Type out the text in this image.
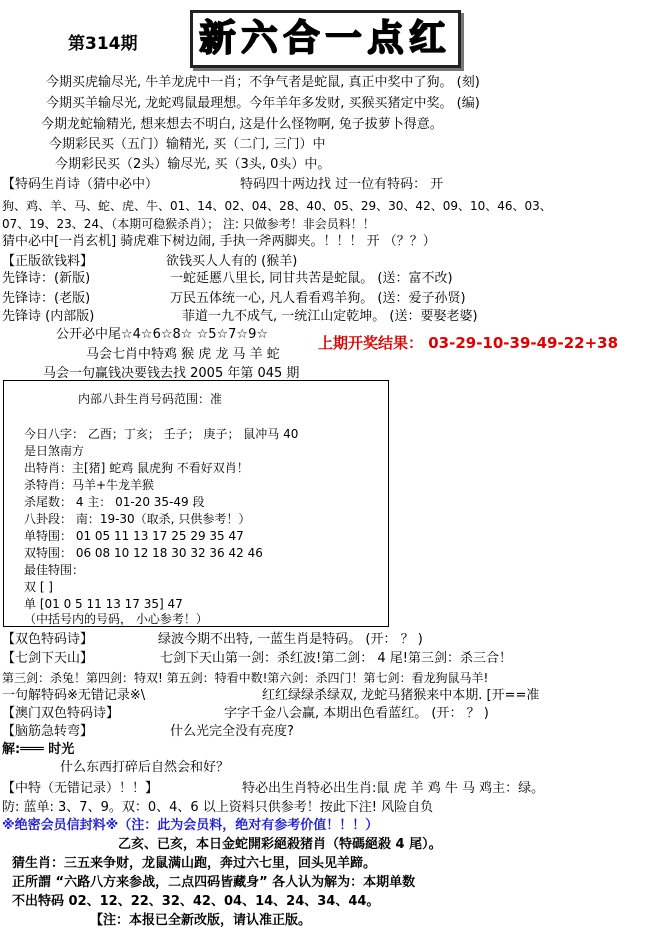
第314期 新六合一点红
今期买虎输尽光, 牛羊龙虎中一肖；不争气者是蛇鼠, 真正中奖中了狗。 (刻)
今期买羊输尽光, 龙蛇鸡鼠最理想。今年羊年多发财, 买猴买猪定中奖。 (编)
今期龙蛇输精光, 想来想去不明白, 这是什么怪物啊, 兔子拔萝卜得意。
今期彩民买（五门）输精光, 买（二门, 三门）中
今期彩民买（2头）输尽光, 买（3头, 0头）中。
【特码生肖诗（猜中必中）	特码四十两边找 过一位有特码： 开
狗、鸡、羊、马、蛇、虎、牛、01、14、02、04、28、40、05、29、30、42、09、10、46、03、
07、19、23、24、（本期可稳猴杀肖）； 注: 只做参考！非会员料！！
猜中必中[一肖玄机] 骑虎难下树边闹, 手执一斧两脚夹。！！！ 开 （？？）
【正版欲钱料】	欲钱买人人有的 (猴羊)
先锋诗：(新版)	一蛇延慝八里长, 同甘共苦是蛇鼠。 (送：富不改)
先锋诗：(老版)	万民五体统一心, 凡人看看鸡羊狗。 (送：爱子孙贤)
先锋诗 (内部版)	菲道一九不成气, 一统江山定乾坤。 (送：要娶老婆)
公开必中尾☆4☆6☆8☆ ☆5☆7☆9☆
马会七肖中特鸡 猴 虎 龙 马 羊 蛇
上期开奖结果： 03-29-10-39-49-22+38
马会一句赢钱决要钱去找 2005 年第 045 期
内部八卦生肖号码范围：准
今日八字： 乙酉；丁亥； 壬子； 庚子； 鼠冲马 40
是日煞南方
出特肖：主[猪] 蛇鸡 鼠虎狗 不看好双肖！
杀特肖：马羊+牛龙羊猴
杀尾数： 4 主： 01-20 35-49 段
八卦段： 南：19-30（取杀, 只供参考！）
单特围： 01 05 11 13 17 25 29 35 47
双特围： 06 08 10 12 18 30 32 36 42 46
最佳特围：
双 [ ]
单 [01 0 5 11 13 17 35] 47
（中括号内的号码， 小心参考！）
【双色特码诗】	绿波今期不出特, 一蓝生肖是特码。 (开： ？ )
【七剑下天山】	七剑下天山第一剑：杀红波!第二剑： 4 尾!第三剑：杀三合！
第三剑：杀兔！第四剑：特双! 第五剑：特看中数!第六剑：杀四门！第七剑：看龙狗鼠马羊!
一句解特码※无错记录※\	红红绿绿杀绿双, 龙蛇马猪猴来中本期. [开==准
【澳门双色特码诗】	字字千金八会赢, 本期出色看蓝红。 (开： ？ )
【脑筋急转弯】	什么光完全没有亮度?
解:═══ 时光
什么东西打碎后自然会和好？
【中特（无错记录）！！】	特必出生肖特必出生肖:鼠 虎 羊 鸡 牛 马 鸡主：绿。
防: 蓝单: 3、7、9。双：0、4、6 以上资料只供参考！按此下注! 风险自负
※绝密会员信封料※（注：此为会员料，绝对有参考价值！！！）
乙亥、已亥，本日金蛇開彩絕殺猪肖（特碼絕殺 4 尾）。
猜生肖：三五来争财，龙鼠满山跑，奔过六七里，回头见羊蹄。
正所謂 “六路八方来参战，二点四码皆藏身” 各人认为解为：本期单数
不出特码 02、12、22、32、42、04、14、24、34、44。
【注：本报已全新改版，请认准正版。
